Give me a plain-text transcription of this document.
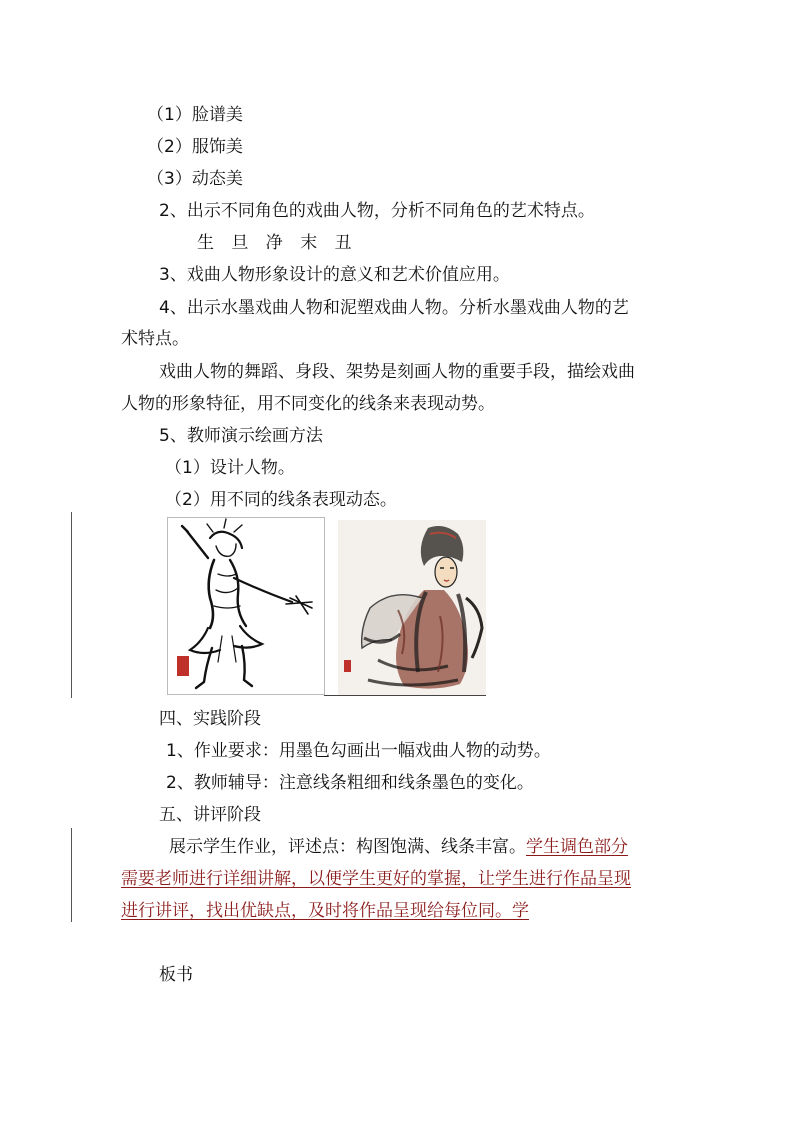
（1）脸谱美
（2）服饰美
（3）动态美
2、出示不同角色的戏曲人物，分析不同角色的艺术特点。
生 旦 净 末 丑
3、戏曲人物形象设计的意义和艺术价值应用。
4、出示水墨戏曲人物和泥塑戏曲人物。分析水墨戏曲人物的艺
术特点。
戏曲人物的舞蹈、身段、架势是刻画人物的重要手段，描绘戏曲
人物的形象特征，用不同变化的线条来表现动势。
5、教师演示绘画方法
（1）设计人物。
（2）用不同的线条表现动态。
四、实践阶段
1、作业要求：用墨色勾画出一幅戏曲人物的动势。
2、教师辅导：注意线条粗细和线条墨色的变化。
五、讲评阶段
展示学生作业，评述点：构图饱满、线条丰富。学生调色部分
需要老师进行详细讲解，以便学生更好的掌握，让学生进行作品呈现
进行讲评，找出优缺点，及时将作品呈现给每位同。学
板书
